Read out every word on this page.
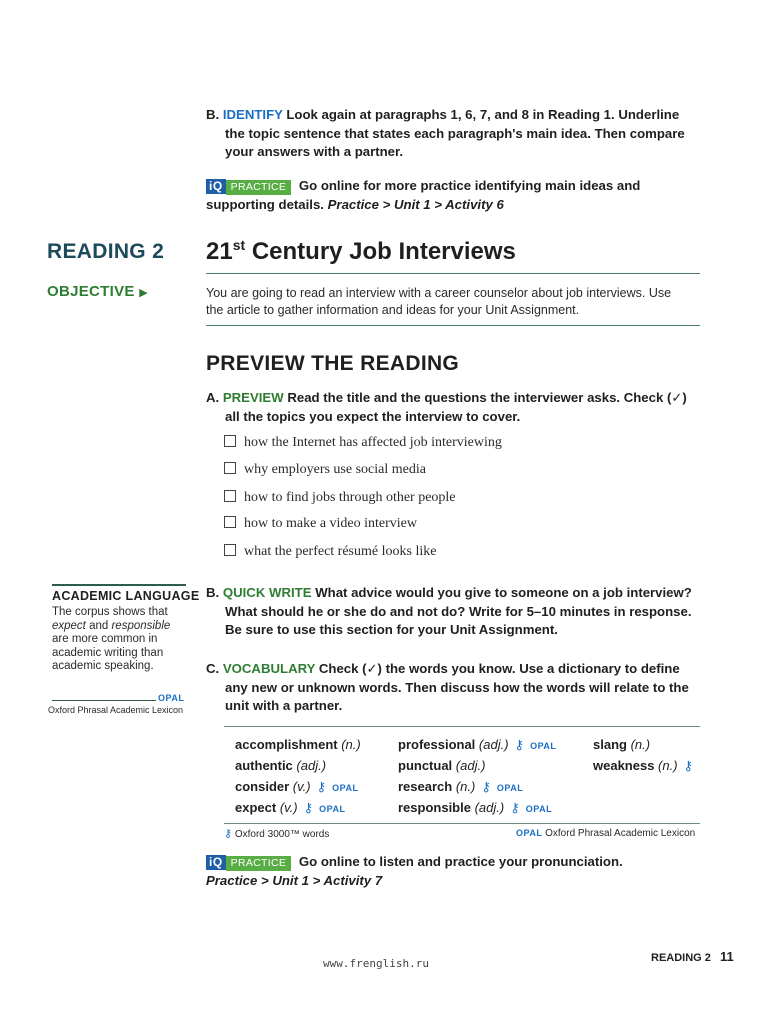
B. IDENTIFY Look again at paragraphs 1, 6, 7, and 8 in Reading 1. Underline
the topic sentence that states each paragraph's main idea. Then compare
your answers with a partner.
iQ PRACTICE Go online for more practice identifying main ideas and
supporting details. Practice > Unit 1 > Activity 6
READING 2
OBJECTIVE ▶
21st Century Job Interviews
You are going to read an interview with a career counselor about job interviews. Use
the article to gather information and ideas for your Unit Assignment.
PREVIEW THE READING
A. PREVIEW Read the title and the questions the interviewer asks. Check (✓)
all the topics you expect the interview to cover.
how the Internet has affected job interviewing
why employers use social media
how to find jobs through other people
how to make a video interview
what the perfect résumé looks like
ACADEMIC LANGUAGE
The corpus shows that
expect and responsible
are more common in
academic writing than
academic speaking.
OPAL
Oxford Phrasal Academic Lexicon
B. QUICK WRITE What advice would you give to someone on a job interview?
What should he or she do and not do? Write for 5–10 minutes in response.
Be sure to use this section for your Unit Assignment.
C. VOCABULARY Check (✓) the words you know. Use a dictionary to define
any new or unknown words. Then discuss how the words will relate to the
unit with a partner.
accomplishment (n.)
authentic (adj.)
consider (v.) ⚷ OPAL
expect (v.) ⚷ OPAL
professional (adj.) ⚷ OPAL
punctual (adj.)
research (n.) ⚷ OPAL
responsible (adj.) ⚷ OPAL
slang (n.)
weakness (n.) ⚷
⚷ Oxford 3000™ words	OPAL Oxford Phrasal Academic Lexicon
iQ PRACTICE Go online to listen and practice your pronunciation.
Practice > Unit 1 > Activity 7
www.frenglish.ru	READING 2 11
